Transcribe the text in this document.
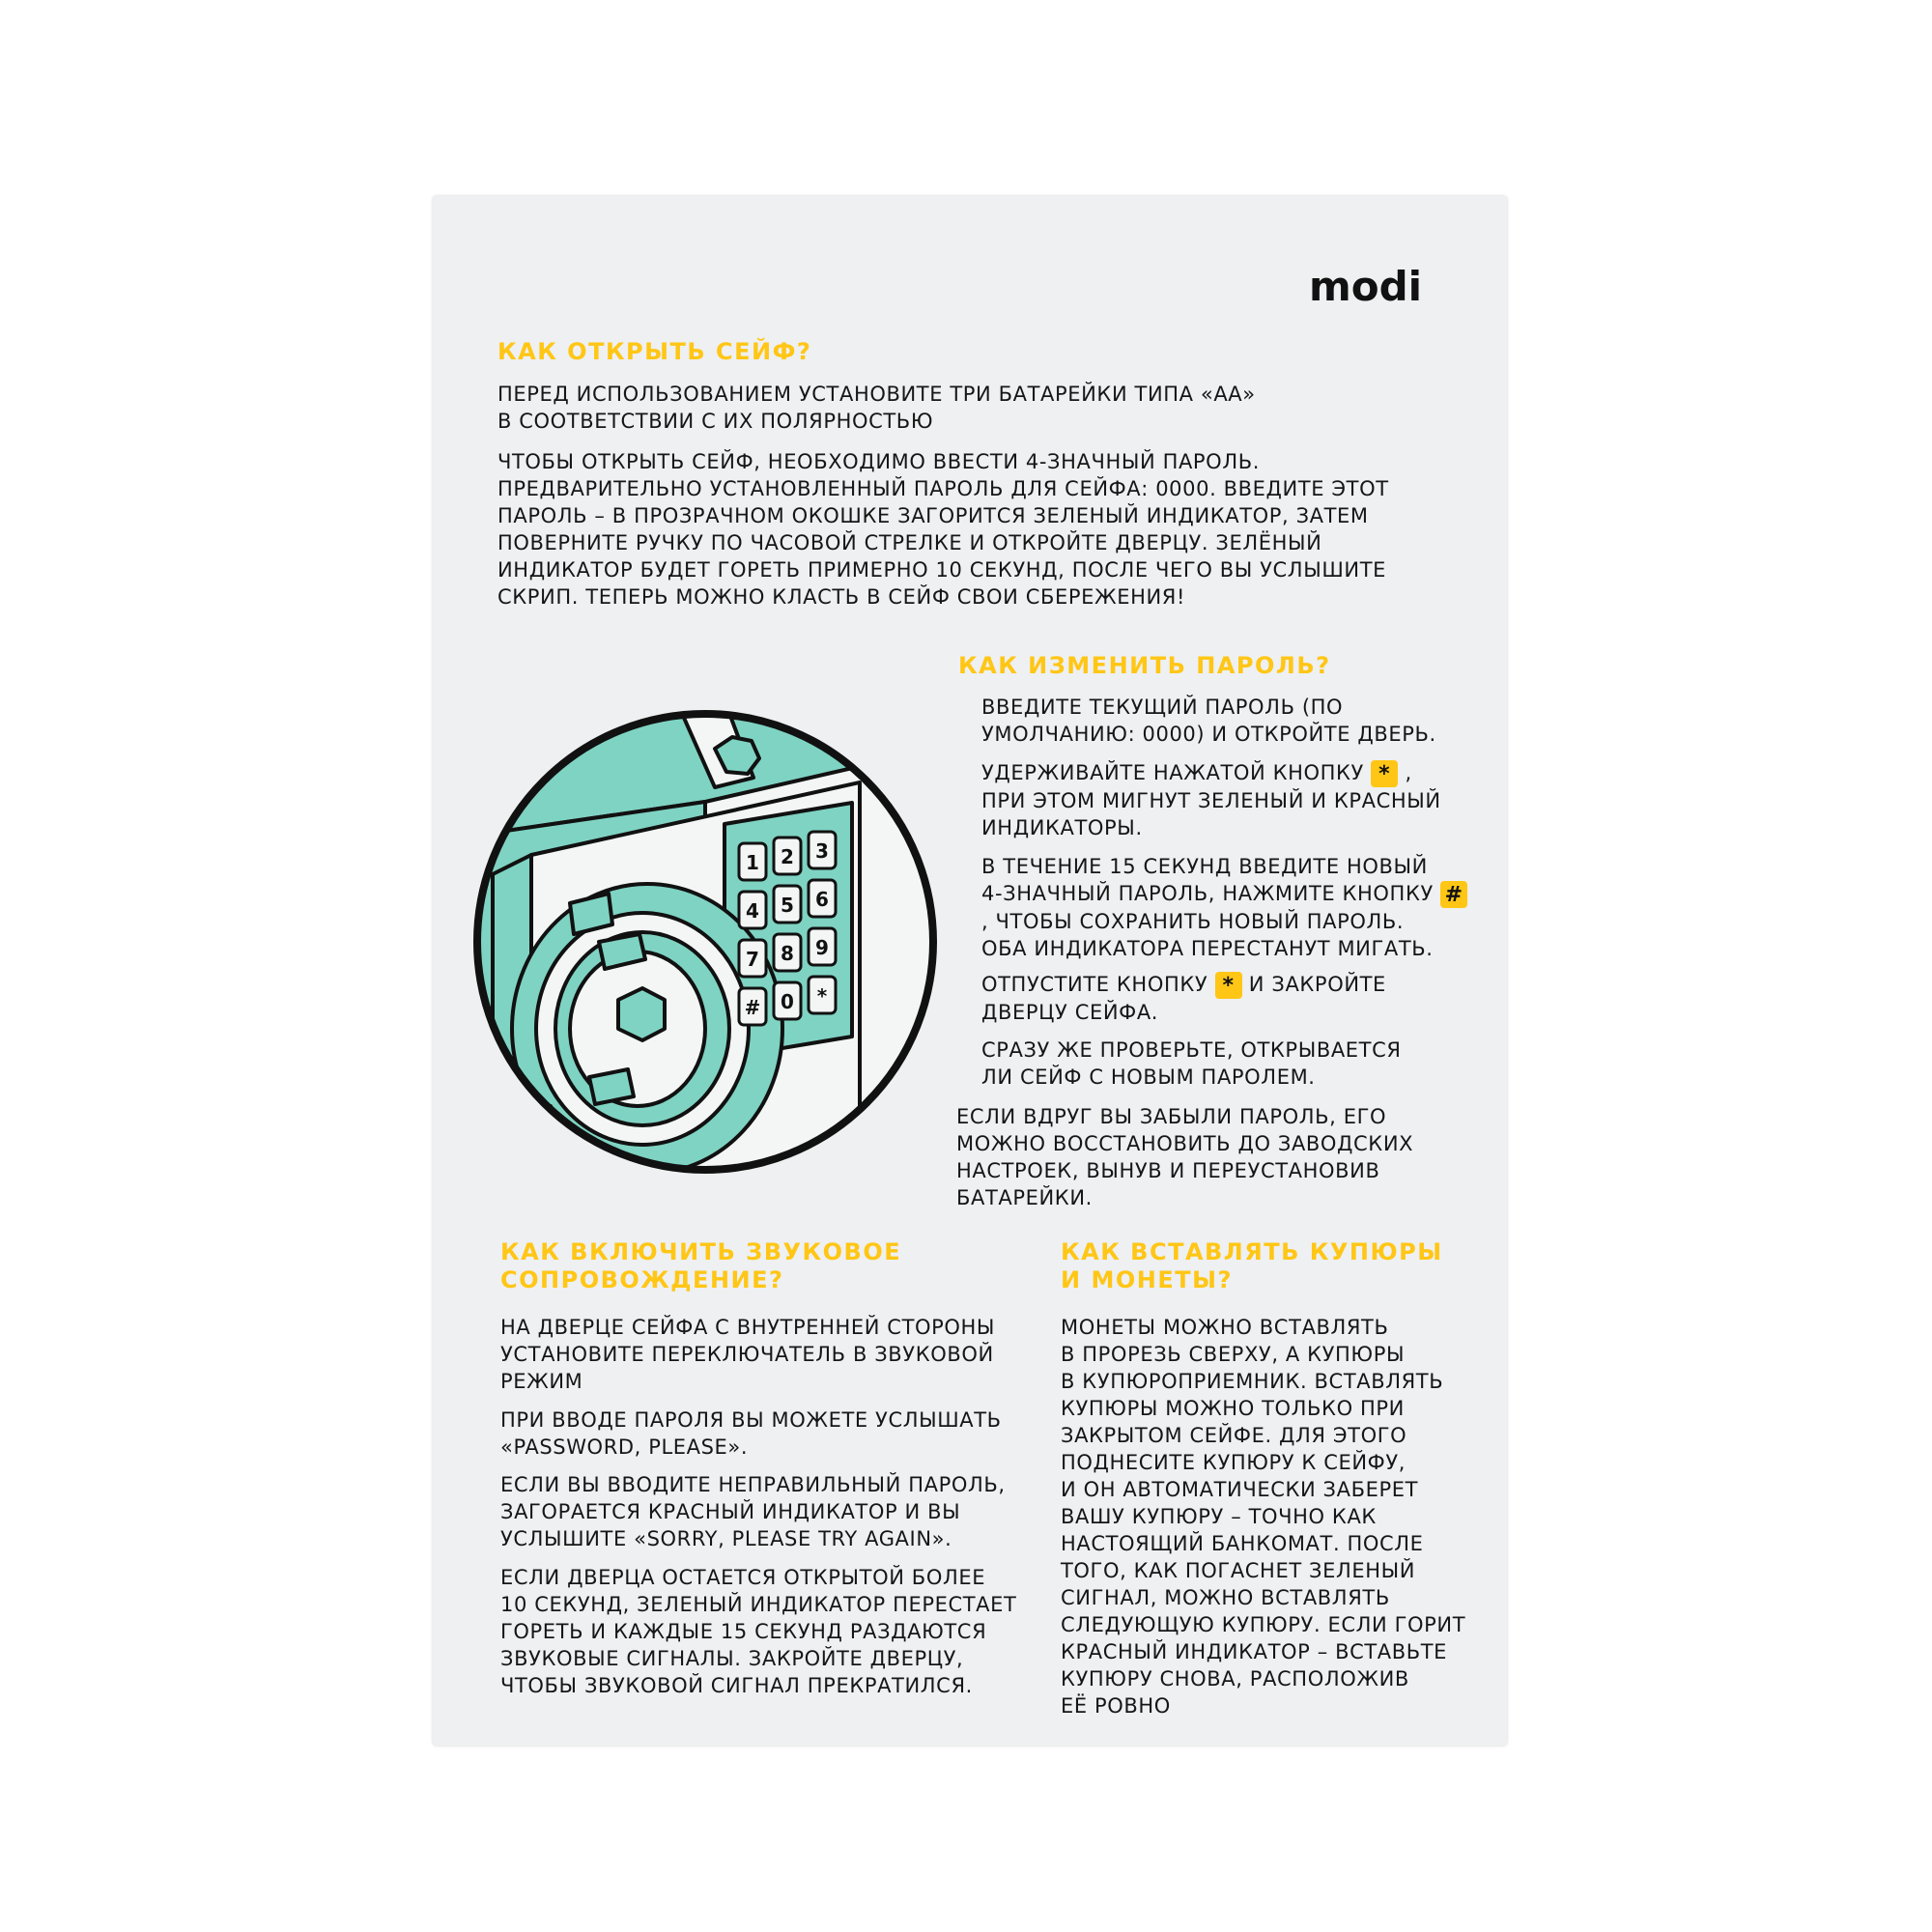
modi
КАК ОТКРЫТЬ СЕЙФ?

ПЕРЕД ИСПОЛЬЗОВАНИЕМ УСТАНОВИТЕ ТРИ БАТАРЕЙКИ ТИПА «АА»
В СООТВЕТСТВИИ С ИХ ПОЛЯРНОСТЬЮ

ЧТОБЫ ОТКРЫТЬ СЕЙФ, НЕОБХОДИМО ВВЕСТИ 4-ЗНАЧНЫЙ ПАРОЛЬ.
ПРЕДВАРИТЕЛЬНО УСТАНОВЛЕННЫЙ ПАРОЛЬ ДЛЯ СЕЙФА: 0000. ВВЕДИТЕ ЭТОТ
ПАРОЛЬ – В ПРОЗРАЧНОМ ОКОШКЕ ЗАГОРИТСЯ ЗЕЛЕНЫЙ ИНДИКАТОР, ЗАТЕМ
ПОВЕРНИТЕ РУЧКУ ПО ЧАСОВОЙ СТРЕЛКЕ И ОТКРОЙТЕ ДВЕРЦУ. ЗЕЛЁНЫЙ
ИНДИКАТОР БУДЕТ ГОРЕТЬ ПРИМЕРНО 10 СЕКУНД, ПОСЛЕ ЧЕГО ВЫ УСЛЫШИТЕ
СКРИП. ТЕПЕРЬ МОЖНО КЛАСТЬ В СЕЙФ СВОИ СБЕРЕЖЕНИЯ!

1 2 3
4 5 6
7 8 9
# 0 *
КАК ИЗМЕНИТЬ ПАРОЛЬ?

ВВЕДИТЕ ТЕКУЩИЙ ПАРОЛЬ (ПО
УМОЛЧАНИЮ: 0000) И ОТКРОЙТЕ ДВЕРЬ.

УДЕРЖИВАЙТЕ НАЖАТОЙ КНОПКУ * ,
ПРИ ЭТОМ МИГНУТ ЗЕЛЕНЫЙ И КРАСНЫЙ
ИНДИКАТОРЫ.

В ТЕЧЕНИЕ 15 СЕКУНД ВВЕДИТЕ НОВЫЙ
4-ЗНАЧНЫЙ ПАРОЛЬ, НАЖМИТЕ КНОПКУ #
, ЧТОБЫ СОХРАНИТЬ НОВЫЙ ПАРОЛЬ.
ОБА ИНДИКАТОРА ПЕРЕСТАНУТ МИГАТЬ.

ОТПУСТИТЕ КНОПКУ * И ЗАКРОЙТЕ
ДВЕРЦУ СЕЙФА.

СРАЗУ ЖЕ ПРОВЕРЬТЕ, ОТКРЫВАЕТСЯ
ЛИ СЕЙФ С НОВЫМ ПАРОЛЕМ.

ЕСЛИ ВДРУГ ВЫ ЗАБЫЛИ ПАРОЛЬ, ЕГО
МОЖНО ВОССТАНОВИТЬ ДО ЗАВОДСКИХ
НАСТРОЕК, ВЫНУВ И ПЕРЕУСТАНОВИВ
БАТАРЕЙКИ.

КАК ВКЛЮЧИТЬ ЗВУКОВОЕ
СОПРОВОЖДЕНИЕ?

НА ДВЕРЦЕ СЕЙФА С ВНУТРЕННЕЙ СТОРОНЫ
УСТАНОВИТЕ ПЕРЕКЛЮЧАТЕЛЬ В ЗВУКОВОЙ
РЕЖИМ

ПРИ ВВОДЕ ПАРОЛЯ ВЫ МОЖЕТЕ УСЛЫШАТЬ
«PASSWORD, PLEASE».

ЕСЛИ ВЫ ВВОДИТЕ НЕПРАВИЛЬНЫЙ ПАРОЛЬ,
ЗАГОРАЕТСЯ КРАСНЫЙ ИНДИКАТОР И ВЫ
УСЛЫШИТЕ «SORRY, PLEASE TRY AGAIN».

ЕСЛИ ДВЕРЦА ОСТАЕТСЯ ОТКРЫТОЙ БОЛЕЕ
10 СЕКУНД, ЗЕЛЕНЫЙ ИНДИКАТОР ПЕРЕСТАЕТ
ГОРЕТЬ И КАЖДЫЕ 15 СЕКУНД РАЗДАЮТСЯ
ЗВУКОВЫЕ СИГНАЛЫ. ЗАКРОЙТЕ ДВЕРЦУ,
ЧТОБЫ ЗВУКОВОЙ СИГНАЛ ПРЕКРАТИЛСЯ.

КАК ВСТАВЛЯТЬ КУПЮРЫ
И МОНЕТЫ?

МОНЕТЫ МОЖНО ВСТАВЛЯТЬ
В ПРОРЕЗЬ СВЕРХУ, А КУПЮРЫ
В КУПЮРОПРИЕМНИК. ВСТАВЛЯТЬ
КУПЮРЫ МОЖНО ТОЛЬКО ПРИ
ЗАКРЫТОМ СЕЙФЕ. ДЛЯ ЭТОГО
ПОДНЕСИТЕ КУПЮРУ К СЕЙФУ,
И ОН АВТОМАТИЧЕСКИ ЗАБЕРЕТ
ВАШУ КУПЮРУ – ТОЧНО КАК
НАСТОЯЩИЙ БАНКОМАТ. ПОСЛЕ
ТОГО, КАК ПОГАСНЕТ ЗЕЛЕНЫЙ
СИГНАЛ, МОЖНО ВСТАВЛЯТЬ
СЛЕДУЮЩУЮ КУПЮРУ. ЕСЛИ ГОРИТ
КРАСНЫЙ ИНДИКАТОР – ВСТАВЬТЕ
КУПЮРУ СНОВА, РАСПОЛОЖИВ
ЕЁ РОВНО
